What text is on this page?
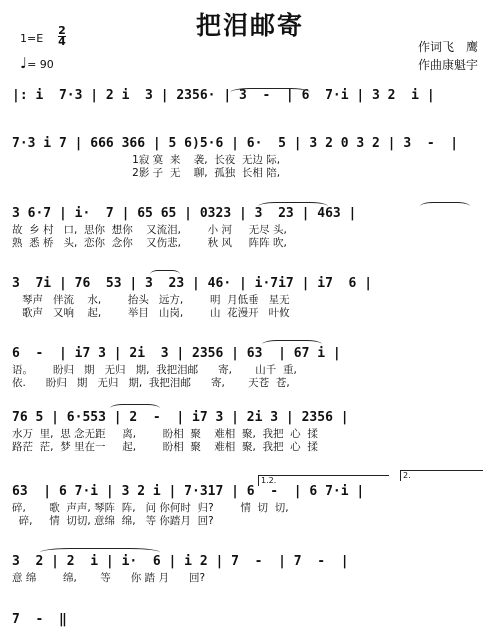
把泪邮寄
1=E
2
4
♩= 90
作词飞　鹰
作曲康魁宇
|: i  7·3 | 2 i  3 | 2356· | 3  -  | 6  7·i | 3 2  i |
7·3 i 7 | 666 366 | 5 6)5·6 | 6·  5 | 3 2 0 3 2 | 3  -  |
1寂 寞  来    袭,  长夜  无边 际,
2影 子  无    聊,  孤独  长相 陪,
3 6·7 | i·  7 | 65 65 | 0323 | 3  23 | 463 |
故  乡 村   口,  思你  想你    又流泪,        小 河     无尽 头,
熟  悉 桥   头,  恋你  念你    又伤悲,        秋 风     阵阵 吹,
3  7i | 76  53 | 3  23 | 46· | i·7i7 | i7  6 |
琴声   伴流    水,        抬头   远方,        明  月低垂   星无
歌声   又响    起,        举目   山岗,        山  花漫开   叶攸
6  -  | i7 3 | 2i  3 | 2356 | 63  | 67 i |
语。      盼归   期   无归   期,  我把泪邮      寄,       山千  重,
依.      盼归   期   无归   期,  我把泪邮      寄,       天苍  苍,
76 5 | 6·553 | 2  -  | i7 3 | 2i 3 | 2356 |
水万  里,  思 念无距     离,        盼相  聚    难相  聚,  我把  心  揉
路茫  茫,  梦 里在一     起,        盼相  聚    难相  聚,  我把  心  揉
1.2.
2.
63  | 6 7·i | 3 2 i | 7·317 | 6  -  | 6 7·i |
碎,       歌  声声, 琴阵  阵,   问 你何时  归?        情  切  切,
碎,     情  切切, 意绵  绵,   等 你踏月  回?
3  2 | 2  i | i·  6 | i 2 | 7  -  | 7  -  |
意 绵        绵,       等      你 踏 月      回?
7  -  ‖
